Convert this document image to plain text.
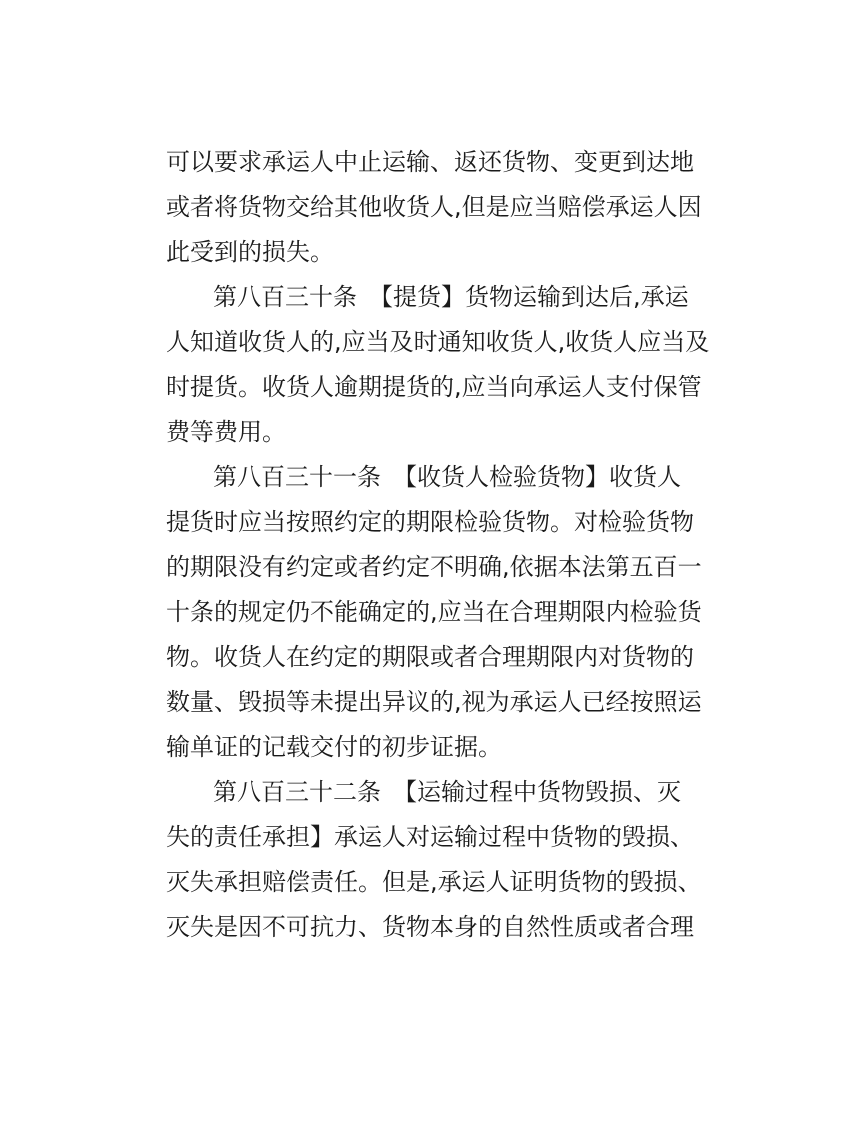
可以要求承运人中止运输、返还货物、变更到达地
或者将货物交给其他收货人,但是应当赔偿承运人因
此受到的损失。
第八百三十条　【提货】货物运输到达后,承运
人知道收货人的,应当及时通知收货人,收货人应当及
时提货。收货人逾期提货的,应当向承运人支付保管
费等费用。
第八百三十一条　【收货人检验货物】收货人
提货时应当按照约定的期限检验货物。对检验货物
的期限没有约定或者约定不明确,依据本法第五百一
十条的规定仍不能确定的,应当在合理期限内检验货
物。收货人在约定的期限或者合理期限内对货物的
数量、毁损等未提出异议的,视为承运人已经按照运
输单证的记载交付的初步证据。
第八百三十二条　【运输过程中货物毁损、灭
失的责任承担】承运人对运输过程中货物的毁损、
灭失承担赔偿责任。但是,承运人证明货物的毁损、
灭失是因不可抗力、货物本身的自然性质或者合理
